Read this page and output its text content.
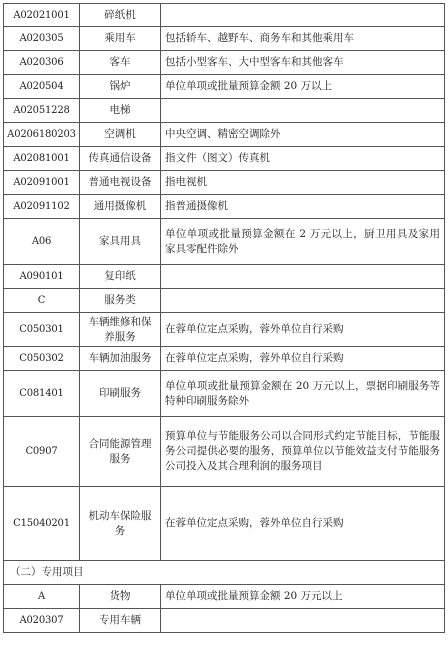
A02021001	碎纸机	
A020305	乘用车	包括轿车、越野车、商务车和其他乘用车
A020306	客车	包括小型客车、大中型客车和其他客车
A020504	锅炉	单位单项或批量预算金额 20 万以上
A02051228	电梯	
A0206180203	空调机	中央空调、精密空调除外
A02081001	传真通信设备	指文件（图文）传真机
A02091001	普通电视设备	指电视机
A02091102	通用摄像机	指普通摄像机
A06	家具用具	单位单项或批量预算金额在 2 万元以上，厨卫用具及家用家具零配件除外
A090101	复印纸	
C	服务类	
C050301	车辆维修和保养服务	在蓉单位定点采购，蓉外单位自行采购
C050302	车辆加油服务	在蓉单位定点采购，蓉外单位自行采购
C081401	印刷服务	单位单项或批量预算金额在 20 万元以上，票据印刷服务等特种印刷服务除外
C0907	合同能源管理服务	预算单位与节能服务公司以合同形式约定节能目标，节能服务公司提供必要的服务，预算单位以节能效益支付节能服务公司投入及其合理利润的服务项目
C15040201	机动车保险服务	在蓉单位定点采购，蓉外单位自行采购
（二）专用项目		
A	货物	单位单项或批量预算金额 20 万元以上
A020307	专用车辆	
